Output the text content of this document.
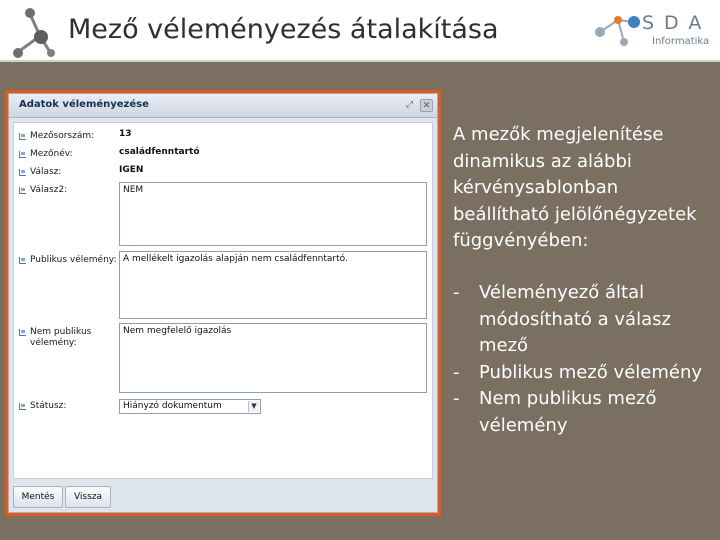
Mező véleményezés átalakítása	SDA
Informatika
Adatok véleményezése	⤢	✕
Mezősorszám:	13
Mezőnév:	családfenntartó
Válasz:	IGEN
Válasz2:	NEM
Publikus vélemény: A mellékelt igazolás alapján nem családfenntartó.
Nem publikus
vélemény:
Nem megfelelő igazolás
Státusz:	Hiányzó dokumentum	▼
Mentés	Vissza
A mezők megjelenítése dinamikus az alábbi kérvénysablonban beállítható jelölőnégyzetek függvényében:
- Véleményező által módosítható a válasz mező
- Publikus mező vélemény
- Nem publikus mező vélemény
